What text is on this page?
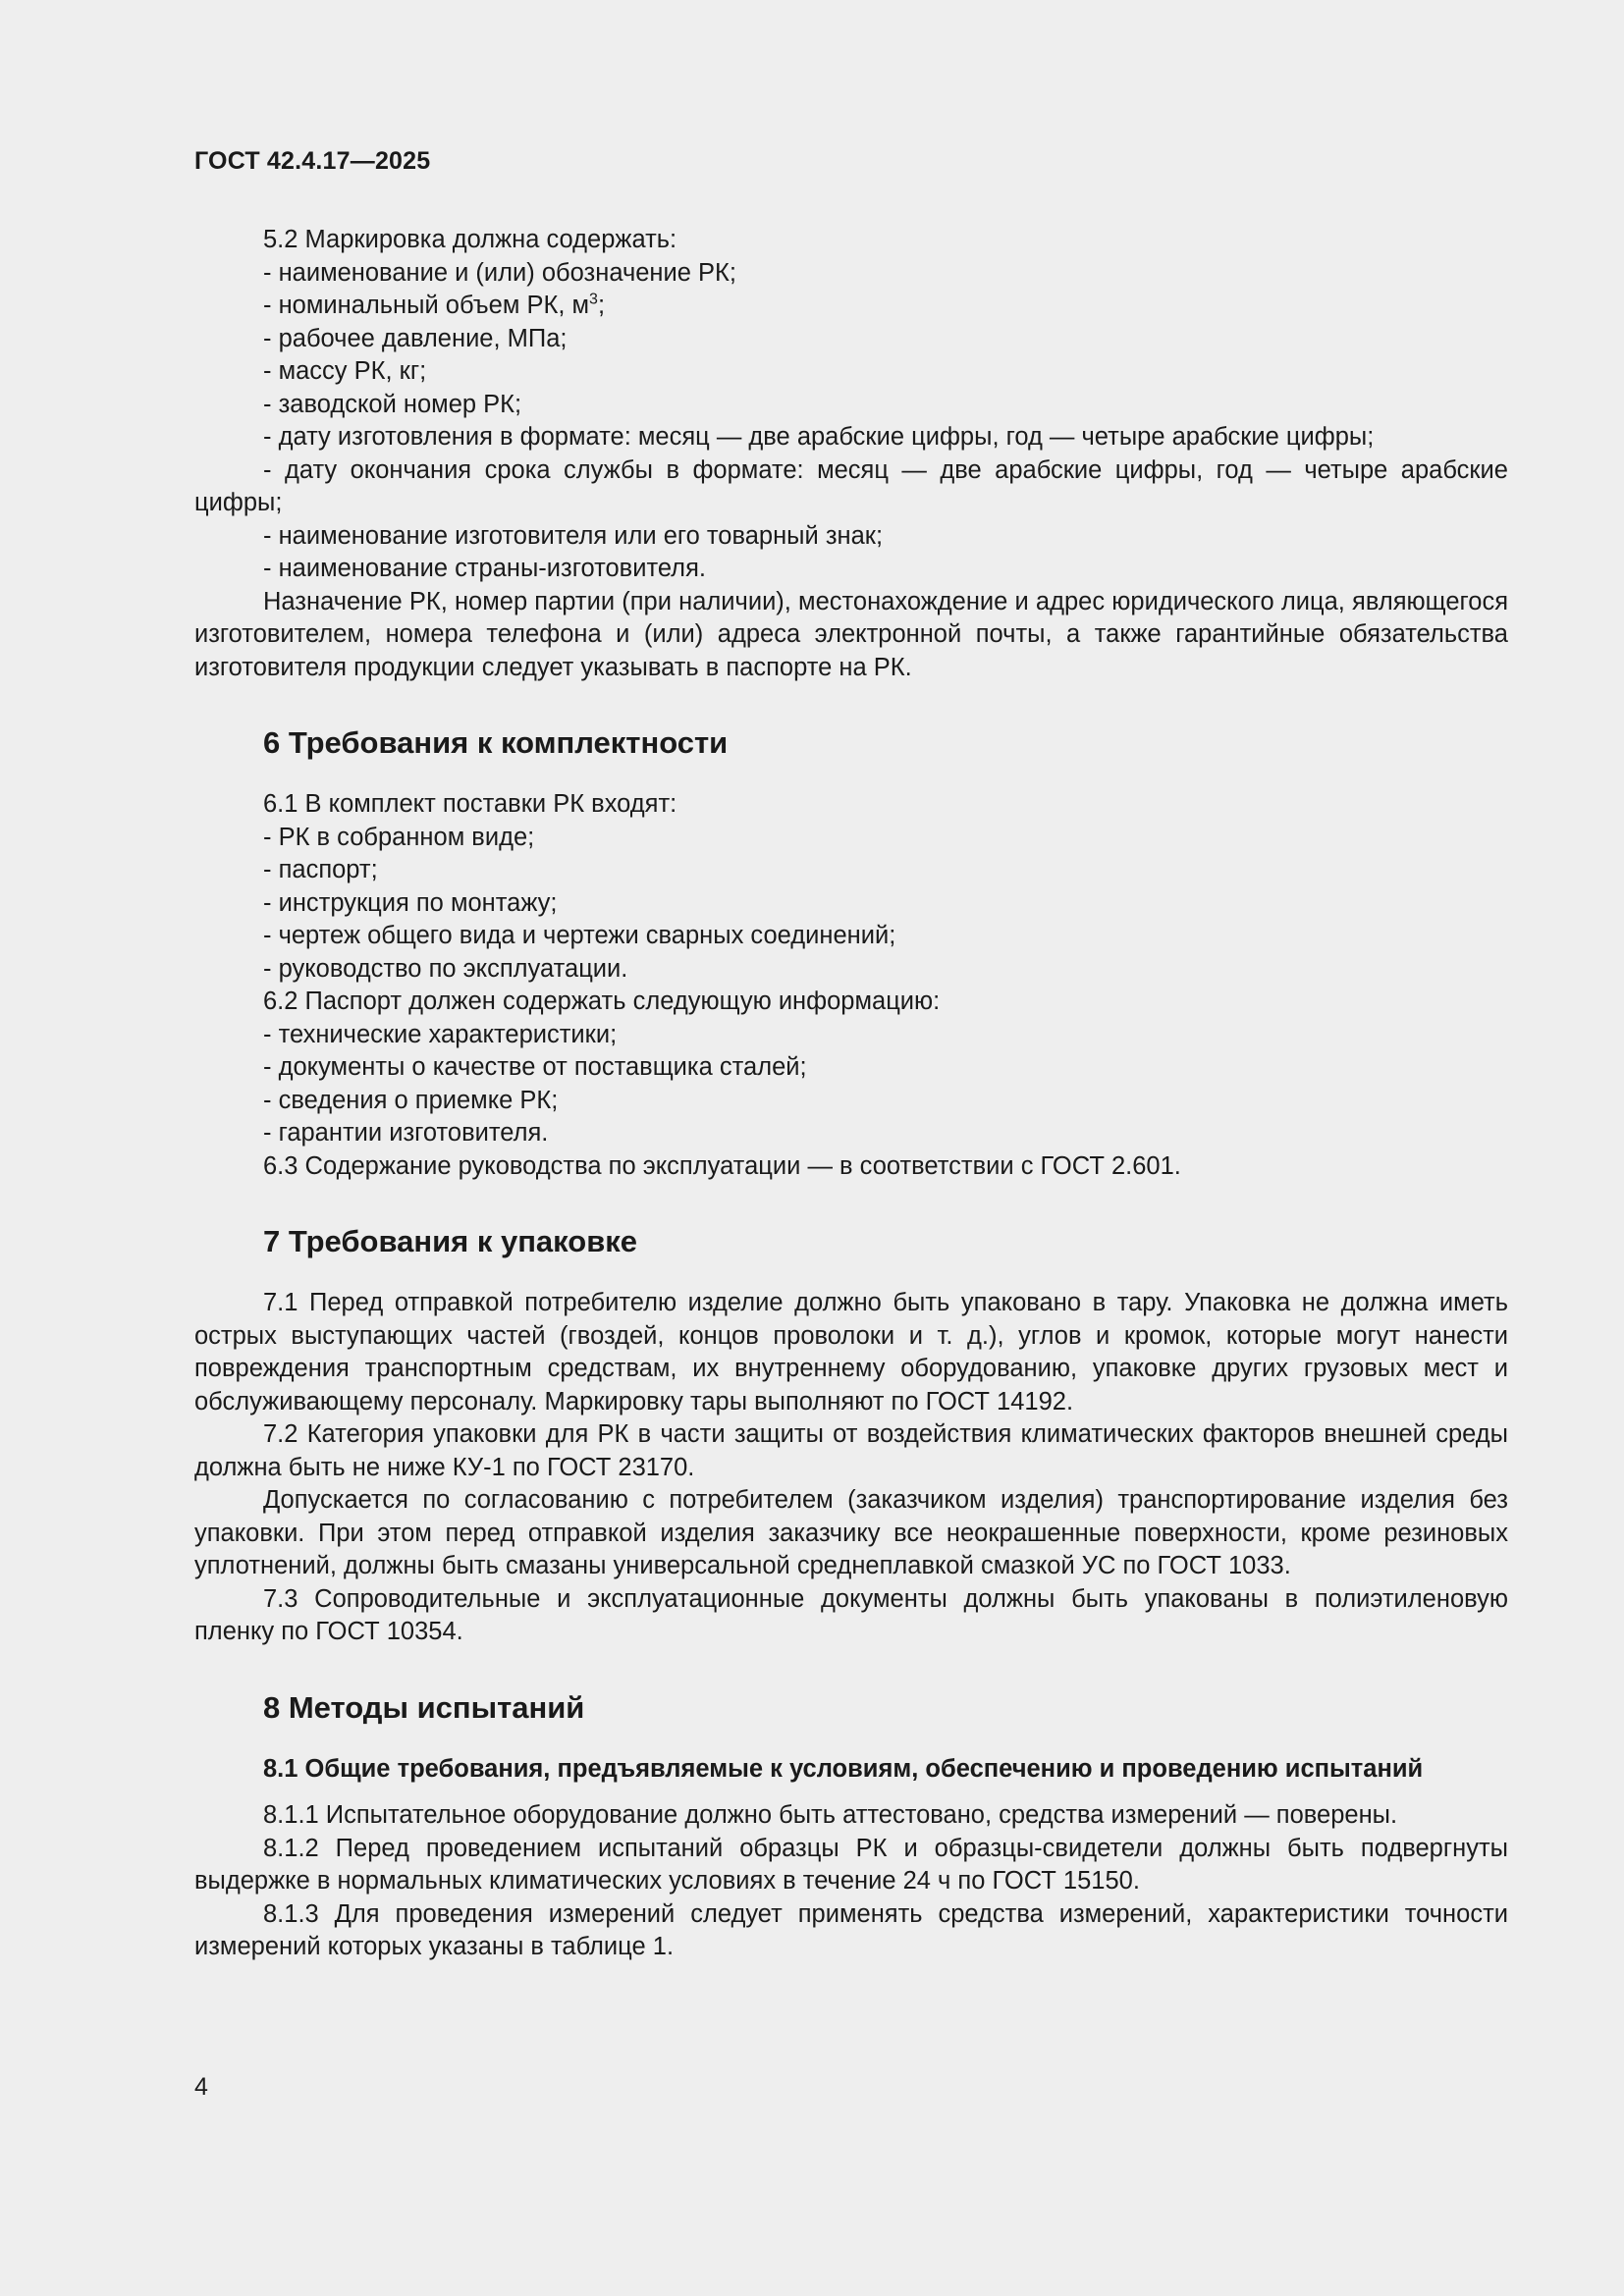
ГОСТ 42.4.17—2025

5.2 Маркировка должна содержать:

- наименование и (или) обозначение РК;

- номинальный объем РК, $м^3$;

- рабочее давление, МПа;

- массу РК, кг;

- заводской номер РК;

- дату изготовления в формате: месяц — две арабские цифры, год — четыре арабские цифры;

- дату окончания срока службы в формате: месяц — две арабские цифры, год — четыре арабские цифры;

- наименование изготовителя или его товарный знак;

- наименование страны-изготовителя.

Назначение РК, номер партии (при наличии), местонахождение и адрес юридического лица, являющегося изготовителем, номера телефона и (или) адреса электронной почты, а также гарантийные обязательства изготовителя продукции следует указывать в паспорте на РК.

6 Требования к комплектности

6.1 В комплект поставки РК входят:

- РК в собранном виде;

- паспорт;

- инструкция по монтажу;

- чертеж общего вида и чертежи сварных соединений;

- руководство по эксплуатации.

6.2 Паспорт должен содержать следующую информацию:

- технические характеристики;

- документы о качестве от поставщика сталей;

- сведения о приемке РК;

- гарантии изготовителя.

6.3 Содержание руководства по эксплуатации — в соответствии с ГОСТ 2.601.

7 Требования к упаковке

7.1 Перед отправкой потребителю изделие должно быть упаковано в тару. Упаковка не должна иметь острых выступающих частей (гвоздей, концов проволоки и т. д.), углов и кромок, которые могут нанести повреждения транспортным средствам, их внутреннему оборудованию, упаковке других грузовых мест и обслуживающему персоналу. Маркировку тары выполняют по ГОСТ 14192.

7.2 Категория упаковки для РК в части защиты от воздействия климатических факторов внешней среды должна быть не ниже КУ-1 по ГОСТ 23170.

Допускается по согласованию с потребителем (заказчиком изделия) транспортирование изделия без упаковки. При этом перед отправкой изделия заказчику все неокрашенные поверхности, кроме резиновых уплотнений, должны быть смазаны универсальной среднеплавкой смазкой УС по ГОСТ 1033.

7.3 Сопроводительные и эксплуатационные документы должны быть упакованы в полиэтиленовую пленку по ГОСТ 10354.

8 Методы испытаний
8.1 Общие требования, предъявляемые к условиям, обеспечению и проведению испытаний

8.1.1 Испытательное оборудование должно быть аттестовано, средства измерений — поверены.

8.1.2 Перед проведением испытаний образцы РК и образцы-свидетели должны быть подвергнуты выдержке в нормальных климатических условиях в течение 24 ч по ГОСТ 15150.

8.1.3 Для проведения измерений следует применять средства измерений, характеристики точности измерений которых указаны в таблице 1.

4
